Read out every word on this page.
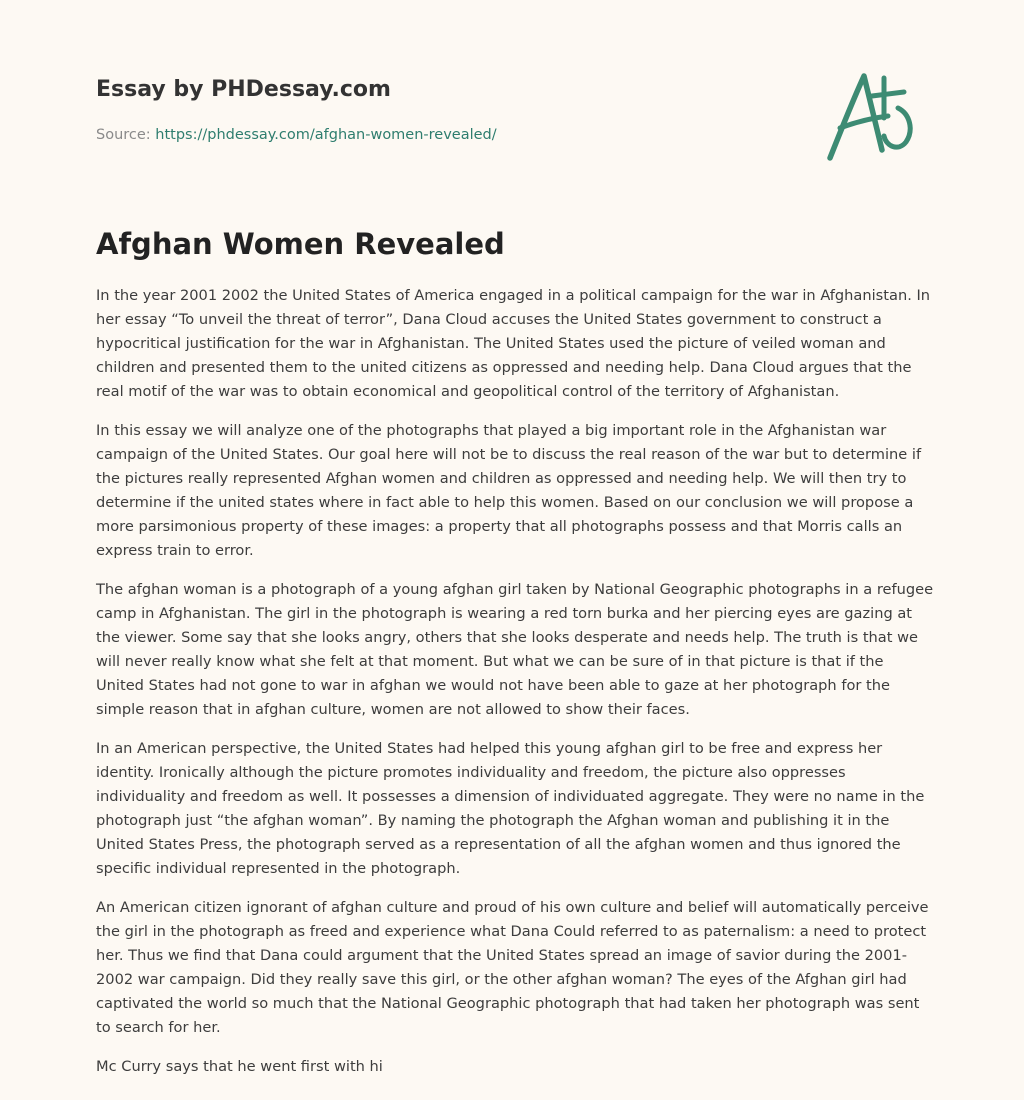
Essay by PHDessay.com
Source: https://phdessay.com/afghan-women-revealed/
Afghan Women Revealed

In the year 2001 2002 the United States of America engaged in a political campaign for the war in Afghanistan. In her essay “To unveil the threat of terror”, Dana Cloud accuses the United States government to construct a hypocritical justification for the war in Afghanistan. The United States used the picture of veiled woman and children and presented them to the united citizens as oppressed and needing help. Dana Cloud argues that the real motif of the war was to obtain economical and geopolitical control of the territory of Afghanistan.

In this essay we will analyze one of the photographs that played a big important role in the Afghanistan war campaign of the United States. Our goal here will not be to discuss the real reason of the war but to determine if the pictures really represented Afghan women and children as oppressed and needing help. We will then try to determine if the united states where in fact able to help this women. Based on our conclusion we will propose a more parsimonious property of these images: a property that all photographs possess and that Morris calls an express train to error.

The afghan woman is a photograph of a young afghan girl taken by National Geographic photographs in a refugee camp in Afghanistan. The girl in the photograph is wearing a red torn burka and her piercing eyes are gazing at the viewer. Some say that she looks angry, others that she looks desperate and needs help. The truth is that we will never really know what she felt at that moment. But what we can be sure of in that picture is that if the United States had not gone to war in afghan we would not have been able to gaze at her photograph for the simple reason that in afghan culture, women are not allowed to show their faces.

In an American perspective, the United States had helped this young afghan girl to be free and express her identity. Ironically although the picture promotes individuality and freedom, the picture also oppresses individuality and freedom as well. It possesses a dimension of individuated aggregate. They were no name in the photograph just “the afghan woman”. By naming the photograph the Afghan woman and publishing it in the United States Press, the photograph served as a representation of all the afghan women and thus ignored the specific individual represented in the photograph.

An American citizen ignorant of afghan culture and proud of his own culture and belief will automatically perceive the girl in the photograph as freed and experience what Dana Could referred to as paternalism: a need to protect her. Thus we find that Dana could argument that the United States spread an image of savior during the 2001-2002 war campaign. Did they really save this girl, or the other afghan woman? The eyes of the Afghan girl had captivated the world so much that the National Geographic photograph that had taken her photograph was sent to search for her.

Mc Curry says that he went first with hi
